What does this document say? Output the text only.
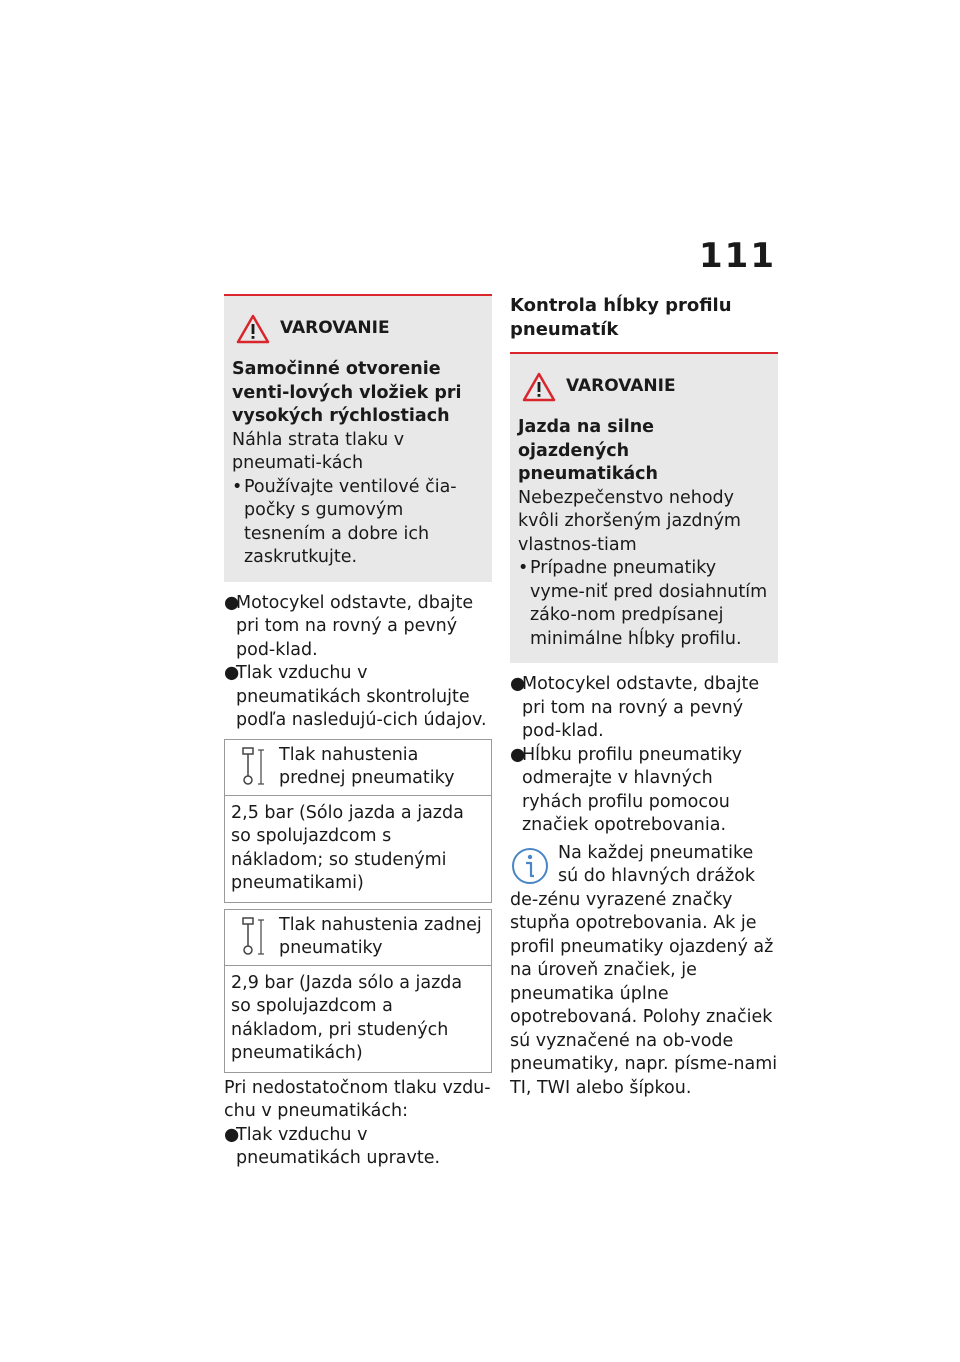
111
VAROVANIE

Samočinné otvorenie venti-lových vložiek pri vysokých rýchlostiach

Náhla strata tlaku v pneumati-kách

• Používajte ventilové čia-počky s gumovým tesnením a dobre ich zaskrutkujte.
●
Motocykel odstavte, dbajte pri tom na rovný a pevný pod-klad.
●
Tlak vzduchu v pneumatikách skontrolujte podľa nasledujú-cich údajov.
Tlak nahustenia prednej pneumatiky
2,5 bar (Sólo jazda a jazda so spolujazdcom s nákladom; so studenými pneumatikami)
Tlak nahustenia zadnej pneumatiky
2,9 bar (Jazda sólo a jazda so spolujazdcom a nákladom, pri studených pneumatikách)

Pri nedostatočnom tlaku vzdu-chu v pneumatikách:

●
Tlak vzduchu v pneumatikách upravte.

Kontrola hĺbky profilu pneumatík

VAROVANIE

Jazda na silne ojazdených pneumatikách

Nebezpečenstvo nehody kvôli zhoršeným jazdným vlastnos-tiam

• Prípadne pneumatiky vyme-niť pred dosiahnutím záko-nom predpísanej minimálne hĺbky profilu.
●
Motocykel odstavte, dbajte pri tom na rovný a pevný pod-klad.
●
Hĺbku profilu pneumatiky odmerajte v hlavných ryhách profilu pomocou značiek opotrebovania.
Na každej pneumatike sú do hlavných drážok de-zénu vyrazené značky stupňa opotrebovania. Ak je profil pneumatiky ojazdený až na úroveň značiek, je pneumatika úplne opotrebovaná. Polohy značiek sú vyznačené na ob-vode pneumatiky, napr. písme-nami TI, TWI alebo šípkou.
